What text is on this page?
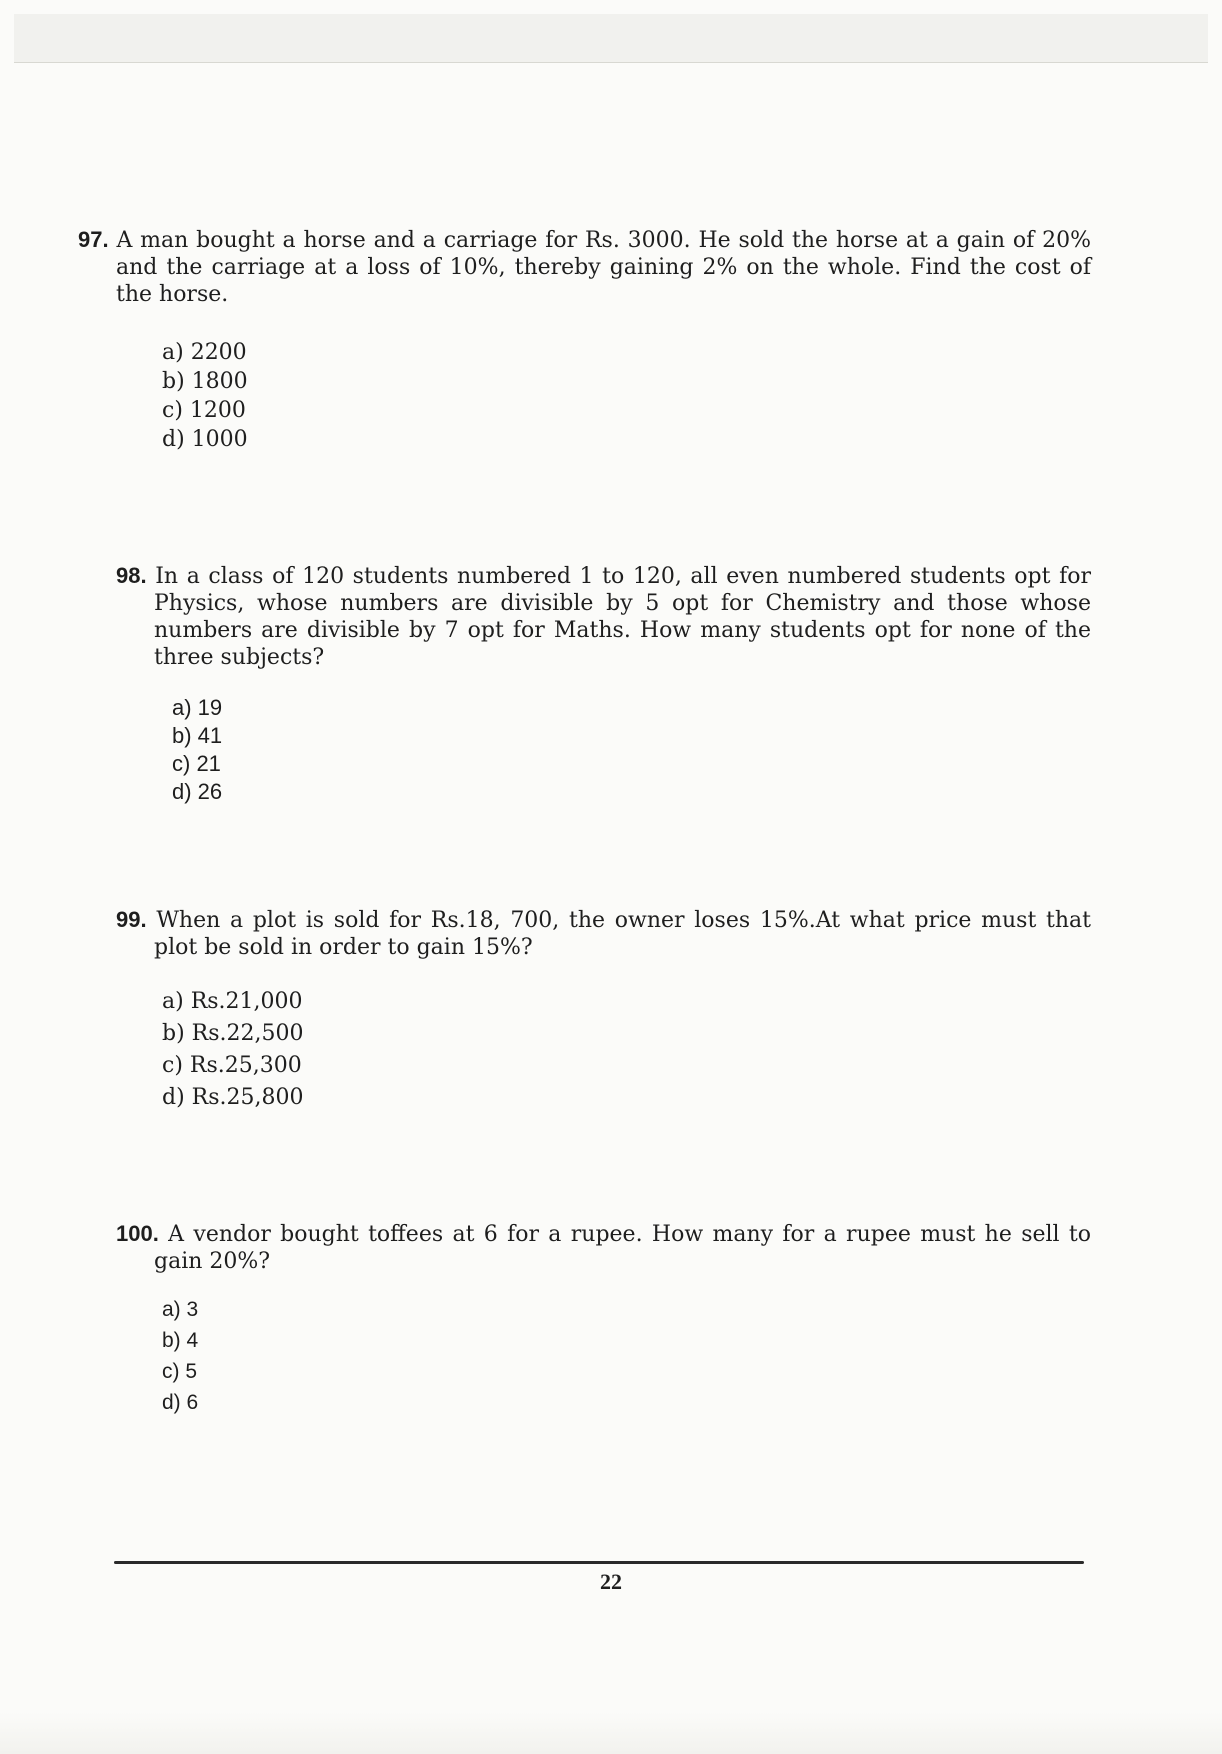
97. A man bought a horse and a carriage for Rs. 3000. He sold the horse at a gain of 20% and the carriage at a loss of 10%, thereby gaining 2% on the whole. Find the cost of the horse.

a) 2200
b) 1800
c) 1200
d) 1000

98. In a class of 120 students numbered 1 to 120, all even numbered students opt for Physics, whose numbers are divisible by 5 opt for Chemistry and those whose numbers are divisible by 7 opt for Maths. How many students opt for none of the three subjects?

a) 19
b) 41
c) 21
d) 26

99. When a plot is sold for Rs.18, 700, the owner loses 15%.At what price must that plot be sold in order to gain 15%?

a) Rs.21,000
b) Rs.22,500
c) Rs.25,300
d) Rs.25,800

100. A vendor bought toffees at 6 for a rupee. How many for a rupee must he sell to gain 20%?

a) 3
b) 4
c) 5
d) 6
22
